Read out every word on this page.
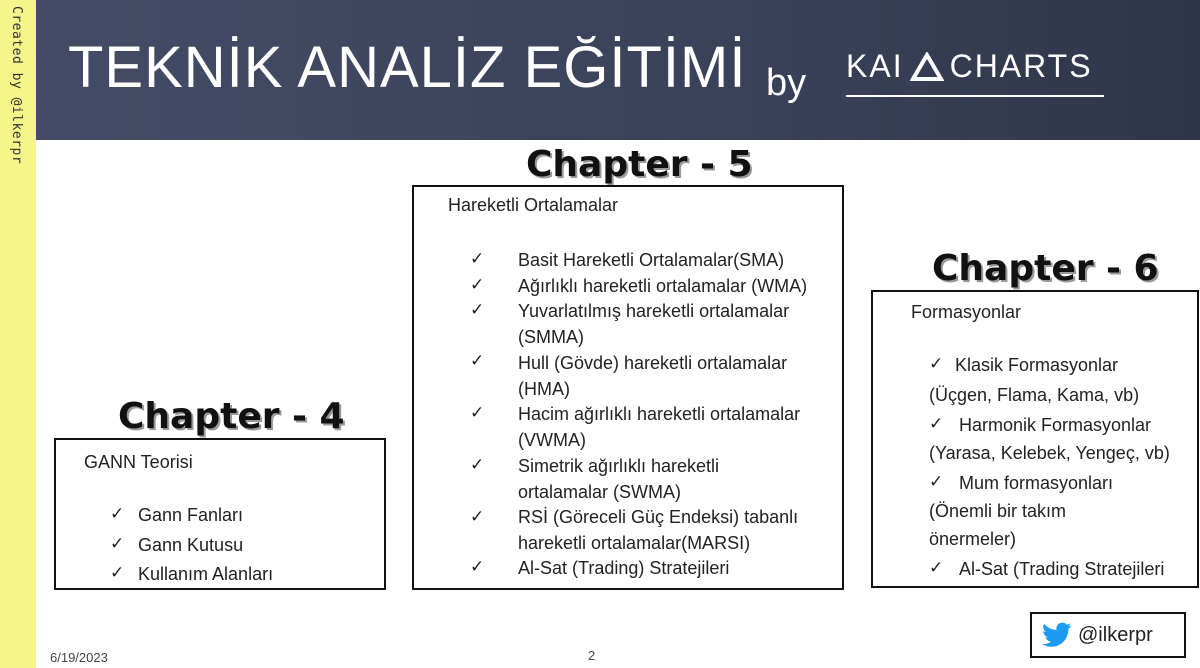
Created by @ilkerpr TEKNİK ANALİZ EĞİTİMİ by KAI CHARTS
Chapter - 5
Hareketli Ortalamalar
✓ Basit Hareketli Ortalamalar(SMA)
✓ Ağırlıklı hareketli ortalamalar (WMA)
✓ Yuvarlatılmış hareketli ortalamalar
(SMMA)
✓ Hull (Gövde) hareketli ortalamalar
(HMA)
✓ Hacim ağırlıklı hareketli ortalamalar
(VWMA)
✓ Simetrik ağırlıklı hareketli
ortalamalar (SWMA)
✓ RSİ (Göreceli Güç Endeksi) tabanlı
hareketli ortalamalar(MARSI)
✓ Al-Sat (Trading) Stratejileri
Chapter - 4
GANN Teorisi
✓ Gann Fanları
✓ Gann Kutusu
✓ Kullanım Alanları
Chapter - 6
Formasyonlar
✓ Klasik Formasyonlar
(Üçgen, Flama, Kama, vb)
✓ Harmonik Formasyonlar
(Yarasa, Kelebek, Yengeç, vb)
✓ Mum formasyonları
(Önemli bir takım
önermeler)
✓ Al-Sat (Trading Stratejileri
6/19/2023	2
@ilkerpr
